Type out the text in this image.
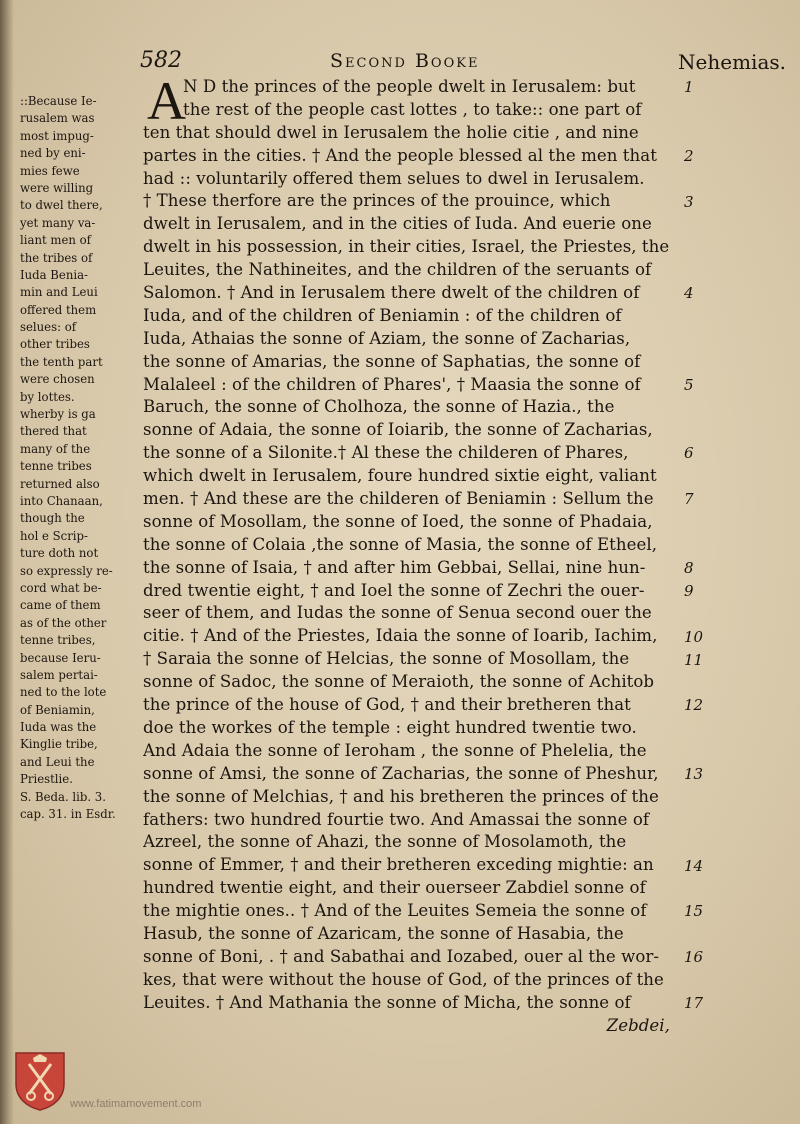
582	Second Booke	Nehemias.
A
N D the princes of the people dwelt in Ierusalem: but
the rest of the people cast lottes , to take:: one part of
ten that should dwel in Ierusalem the holie citie , and nine
partes in the cities. † And the people blessed al the men that
had :: voluntarily offered them selues to dwel in Ierusalem.
† These therfore are the princes of the prouince, which
dwelt in Ierusalem, and in the cities of Iuda. And euerie one
dwelt in his possession, in their cities, Israel, the Priestes, the
Leuites, the Nathineites, and the children of the seruants of
Salomon. † And in Ierusalem there dwelt of the children of
Iuda, and of the children of Beniamin : of the children of
Iuda, Athaias the sonne of Aziam, the sonne of Zacharias,
the sonne of Amarias, the sonne of Saphatias, the sonne of
Malaleel : of the children of Phares', † Maasia the sonne of
Baruch, the sonne of Cholhoza, the sonne of Hazia., the
sonne of Adaia, the sonne of Ioiarib, the sonne of Zacharias,
the sonne of a Silonite.† Al these the childeren of Phares,
which dwelt in Ierusalem, foure hundred sixtie eight, valiant
men. † And these are the childeren of Beniamin : Sellum the
sonne of Mosollam, the sonne of Ioed, the sonne of Phadaia,
the sonne of Colaia ,the sonne of Masia, the sonne of Etheel,
the sonne of Isaia, † and after him Gebbai, Sellai, nine hun-
dred twentie eight, † and Ioel the sonne of Zechri the ouer-
seer of them, and Iudas the sonne of Senua second ouer the
citie. † And of the Priestes, Idaia the sonne of Ioarib, Iachim,
† Saraia the sonne of Helcias, the sonne of Mosollam, the
sonne of Sadoc, the sonne of Meraioth, the sonne of Achitob
the prince of the house of God, † and their bretheren that
doe the workes of the temple : eight hundred twentie two.
And Adaia the sonne of Ieroham , the sonne of Phelelia, the
sonne of Amsi, the sonne of Zacharias, the sonne of Pheshur,
the sonne of Melchias, † and his bretheren the princes of the
fathers: two hundred fourtie two. And Amassai the sonne of
Azreel, the sonne of Ahazi, the sonne of Mosolamoth, the
sonne of Emmer, † and their bretheren exceding mightie: an
hundred twentie eight, and their ouerseer Zabdiel sonne of
the mightie ones.. † And of the Leuites Semeia the sonne of
Hasub, the sonne of Azaricam, the sonne of Hasabia, the
sonne of Boni, . † and Sabathai and Iozabed, ouer al the wor-
kes, that were without the house of God, of the princes of the
Leuites. † And Mathania the sonne of Micha, the sonne of
::Because Ie-
rusalem was
most impug-
ned by eni-
mies fewe
were willing
to dwel there,
yet many va-
liant men of
the tribes of
Iuda Benia-
min and Leui
offered them
selues: of
other tribes
the tenth part
were chosen
by lottes.
wherby is ga
thered that
many of the
tenne tribes
returned also
into Chanaan,
though the
hol e Scrip-
ture doth not
so expressly re-
cord what be-
came of them
as of the other
tenne tribes,
because Ieru-
salem pertai-
ned to the lote
of Beniamin,
Iuda was the
Kinglie tribe,
and Leui the
Priestlie.
S. Beda. lib. 3.
cap. 31. in Esdr.
1
2
3
4
5
6
7
8
9
10
11
12
13
14
15
16
17
Zebdei,
www.fatimamovement.com
